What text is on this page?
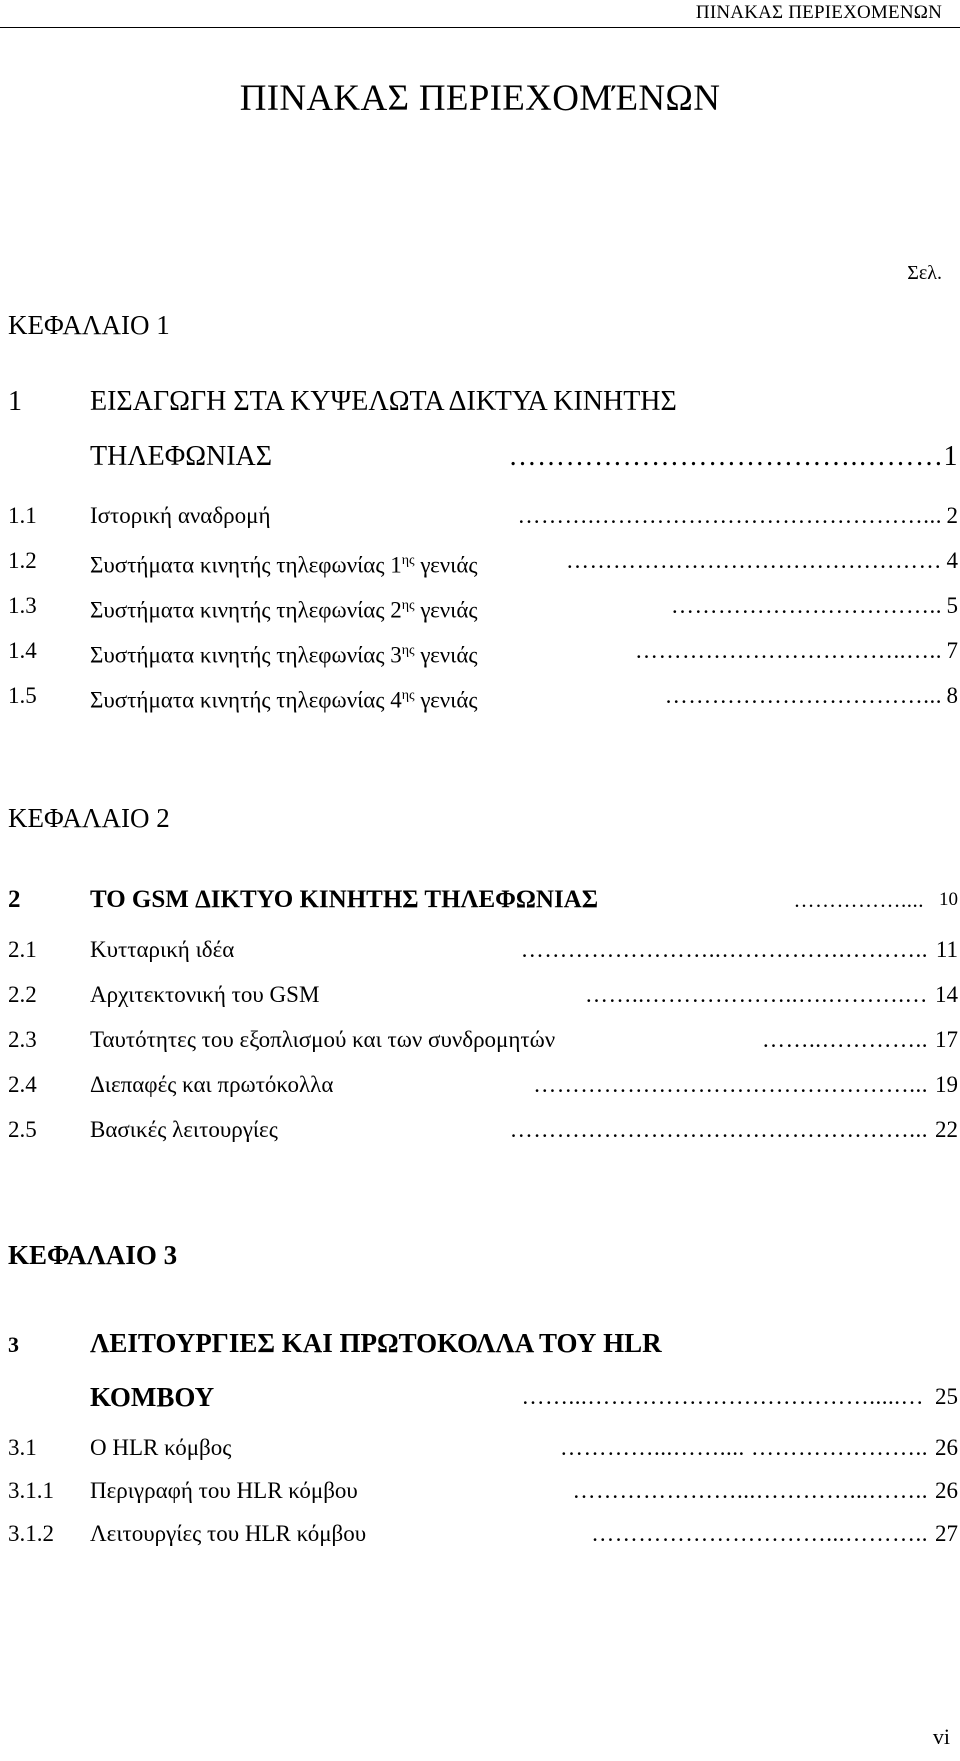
ΠΙΝΑΚΑΣ ΠΕΡΙΕΧΟΜΕΝΩΝ
ΠΙΝΑΚΑΣ ΠΕΡΙΕΧΟΜΈΝΩΝ
Σελ.
ΚΕΦΑΛΑΙΟ 1
1 ΕΙΣΑΓΩΓΗ ΣΤΑ ΚΥΨΕΛΩΤΑ ΔΙΚΤΥΑ ΚΙΝΗΤΗΣ
ΤΗΛΕΦΩΝΙΑΣ	……………………………….………1
1.1 Ιστορική αναδρομή	……….……………………………………... 2
1.2 Συστήματα κινητής τηλεφωνίας $1^{\eta\varsigma}$ γενιάς	………………………………………… 4
1.3 Συστήματα κινητής τηλεφωνίας $2^{\eta\varsigma}$ γενιάς	…………………………….. 5
1.4 Συστήματα κινητής τηλεφωνίας $3^{\eta\varsigma}$ γενιάς	……………………………..….. 7
1.5 Συστήματα κινητής τηλεφωνίας $4^{\eta\varsigma}$ γενιάς	……………………………... 8
ΚΕΦΑΛΑΙΟ 2
2	ΤΟ GSM ΔΙΚΤΥΟ ΚΙΝΗΤΗΣ ΤΗΛΕΦΩΝΙΑΣ	…………….... 10
2.1 Κυτταρική ιδέα	……………………..…………….……….. 11
2.2 Αρχιτεκτονική του GSM	……..………………..….……….… 14
2.3 Ταυτότητες του εξοπλισμού και των συνδρομητών	……..………….. 17
2.4 Διεπαφές και πρωτόκολλα	…………………………………………... 19
2.5 Βασικές λειτουργίες	……………………………………………... 22
ΚΕΦΑΛΑΙΟ 3
3	ΛΕΙΤΟΥΡΓΙΕΣ ΚΑΙ ΠΡΩΤΟΚΟΛΛΑ ΤΟΥ HLR
ΚΟΜΒΟΥ	……...……………………………….....… 25
3.1 O HLR κόμβος	…………...…….... ………………….. 26
3.1.1 Περιγραφή του HLR κόμβου	…………………...…………...…….. 26
3.1.2 Λειτουργίες του HLR κόμβου	…………………………...……….. 27
vi
